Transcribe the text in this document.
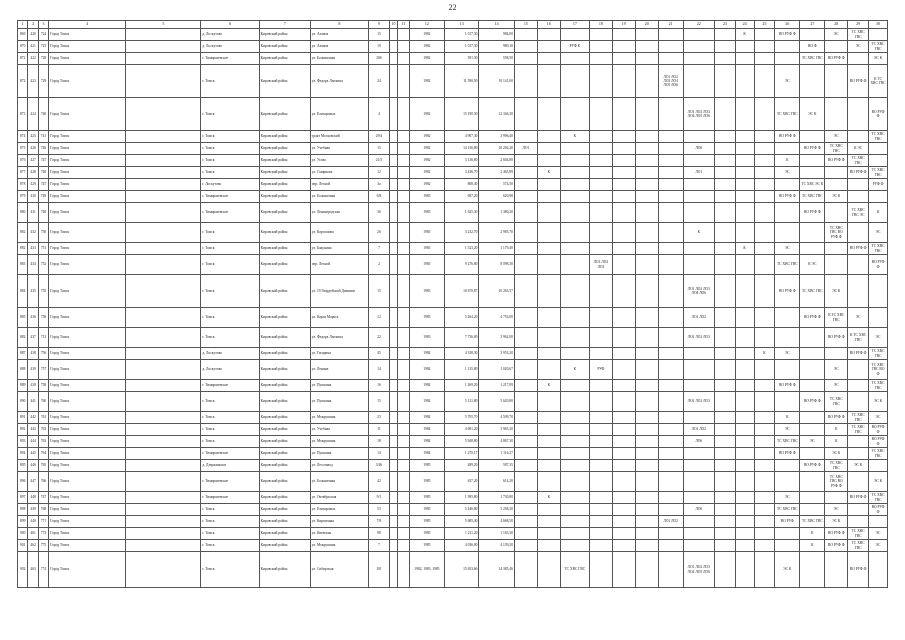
22
1	2	3	4	5	6	7	8	9	10	11	12	13	14	15	16	17	18	19	20	21	22	23	24	25	26	27	28	29	30
869	420	724	Город Томск		д. Лоскутово	Кировский район	ул. Алмаза	15			1982	1 017,30	984,00										К		ВО РУФ Ф		ЭС	ТС ХВС ГВС	
870	421	725	Город Томск		д. Лоскутово	Кировский район	ул. Алмаза	19			1982	1 017,30	980,10			РУФ К										ВО Ф		ЭС	ТС ХВС ГВС
872	422	728	Город Томск		г. Тимирязевское	Кировский район	ул. Больничная	206			1982	591,30	558,50													ТС ХВС ГВС	ВО РУФ Ф		ЭС К
872	423	729	Город Томск		г. Томск	Кировский район	ул. Федора Лыткина	24			1982	11 590,50	10 141,00							ЛО1 ЛО2 ЛО3 ЛО4 ЛО5 ЛО6					ЭС			ВО РУФ Ф	К ТС ХВС ГВС
873	424	740	Город Томск		г. Томск	Кировский район	ул. Елизаровых	4			1982	15 190,30	12 346,30								ЛО1 ЛО2 ЛО3 ЛО4 ЛО5 ЛО6				ТС ХВС ГВС	ЭС К			ВО РУФ Ф
874	425	741	Город Томск		г. Томск	Кировский район	тракт Московский	29/4			1982	4 907,30	3 996,40			К									ВО РУФ Ф		ЭС		ТС ХВС ГВС
875	426	746	Город Томск		г. Томск	Кировский район	ул. Учебная	15			1982	14 136,80	10 202,20	ЛО1							ЛО6					ВО РУФ Ф	ТС ХВС ГВС	К ЭС	
876	427	747	Город Томск		г. Томск	Кировский район	ул. Усова	21/5			1982	3 136,80	2 604,80												К		ВО РУФ Ф	ТС ХВС ГВС	
877	428	740	Город Томск		г. Томск	Кировский район	ул. Смирнова	12			1982	3 436,70	2 465,89		К						ЛО1				ЭС			ВО РУФ Ф	ТС ХВС ГВС
878	429	747	Город Томск		г. Лоскутово	Кировский район	пер. Лесной	3а			1982	808,40	574,50													ТС ХВС ЭС К			РУФ Ф
879	430	749	Город Томск		г. Тимирязевское	Кировский район	ул. Больничная	6/8			1983	697,20	620,98												ВО РУФ Ф	ТС ХВС ГВС	ЭС К		
880	431	740	Город Томск		г. Тимирязевское	Кировский район	ул. Ленинградская	36			1983	1 625,30	1 380,20													ВО РУФ Ф		ТС ХВС ГВС ЭС	К
882	432	750	Город Томск		г. Томск	Кировский район	ул. Карташова	26			1983	3 232,70	2 985,70								К						ТС ХВС ГВС ВО РУФ Ф		ЭС
882	433	751	Город Томск		г. Томск	Кировский район	ул. Бакунина	7			1983	1 523,20	1 179,40										К		ЭС			ВО РУФ Ф	ТС ХВС ГВС
883	434	752	Город Томск		г. Томск	Кировский район	пер. Лесной	2			1983	9 276,80	8 098,30				ЛО1 ЛО2 ЛО3								ТС ХВС ГВС	К ЭС			ВО РУФ Ф
884	435	755	Город Томск		г. Томск	Кировский район	ул. 19 Гвардейской Дивизии	15			1983	10 670,87	10 263,57								ЛО1 ЛО2 ЛО3 ЛО4 ЛО6				ВО РУФ Ф	ТС ХВС ГВС	ЭС К		
885	436	756	Город Томск		г. Томск	Кировский район	ул. Карла Маркса	12			1983	5 264,20	4 753,00								ЛО1 ЛО2					ВО РУФ Ф	К ТС ХВС ГВС	ЭС	
882	437	713	Город Томск		г. Томск	Кировский район	ул. Федора Лыткина	22			1983	7 736,00	3 962,00								ЛО1 ЛО2 ЛО3						ВО РУФ Ф	К ТС ХВС ГВС	ЭС
887	438	756	Город Томск		д. Лоскутово	Кировский район	ул. Гагарина	45			1984	4 338,30	3 953,20											К	ЭС			ВО РУФ Ф	ТС ХВС ГВС
888	439	757	Город Томск		д. Лоскутово	Кировский район	ул. Ленина	14			1984	1 135,80	1 020,67			К	РУФ										ЭС		ТС ХВС ГВС ВО Ф
889	430	758	Город Томск		г. Тимирязевское	Кировский район	ул. Пушкина	16			1984	1 269,20	1 217,09		К										ВО РУФ Ф		ЭС		ТС ХВС ГВС
890	441	760	Город Томск		г. Томск	Кировский район	ул. Пушкина	15			1984	5 121,80	5 620,80								ЛО1 ЛО2 ЛО3					ВО РУФ Ф	ТС ХВС ГВС		ЭС К
891	442	761	Город Томск		г. Томск	Кировский район	ул. Мокрушина	23			1984	5 705,70	4 509,70												К		ВО РУФ Ф	ТС ХВС ГВС	ЭС
892	443	763	Город Томск		г. Томск	Кировский район	ул. Учебная	11			1984	4 691,20	3 965,20								ЛО1 ЛО2				ЭС		К	ТС ХВС ГВС	ВО РУФ Ф
893	444	763	Город Томск		г. Томск	Кировский район	ул. Мокрушина	18			1984	5 948,80	4 867,30								ЛО6				ТС ХВС ГВС	ЭС	К		ВО РУФ Ф
894	445	764	Город Томск		г. Тимирязевское	Кировский район	ул. Пушкина	14			1984	1 270,17	1 116,27												ВО РУФ Ф		ЭС К		ТС ХВС ГВС
895	446	765	Город Томск		д. Дзержинское	Кировский район	ул. Лесозавод	3/46			1985	489,20	587,35													ВО РУФ Ф	ТС ХВС ГВС	ЭС К	
896	447	766	Город Томск		г. Тимирязевское	Кировский район	ул. Больничная	42			1985	637,20	614,20														ТС ХВС ГВС ВО РУФ Ф		ЭС К
897	448	747	Город Томск		г. Тимирязевское	Кировский район	ул. Октябрьская	9/1			1985	1 995,80	1 730,80		К										ЭС			ВО РУФ Ф	ТС ХВС ГВС
898	449	768	Город Томск		г. Томск	Кировский район	ул. Елизаровых	53			1985	5 446,80	5 258,20								ЛО6				ТС ХВС ГВС		ЭС		ВО РУФ Ф
899	440	771	Город Томск		г. Томск	Кировский район	ул. Кирпичная	7/8			1985	5 685,40	4 668,50							ЛО1 ЛО2					ВО РУФ	ТС ХВС ГВС	ЭС К		
900	461	773	Город Томск		г. Томск	Кировский район	ул. Киевская	98			1985	1 211,20	1 163,30													К	ВО РУФ Ф	ТС ХВС ГВС	ЭС
901	462	775	Город Томск		г. Томск	Кировский район	ул. Мокрушина	7			1985	4 036,00	4 139,20													К	ВО РУФ Ф	ТС ХВС ГВС	ЭС
902	463	774	Город Томск		г. Томск	Кировский район	ул. Сибирская	101			1982, 1983, 1985	15 653,66	14 385,46			ТС ХВС ГВС					ЛО1 ЛО2 ЛО3 ЛО4 ЛО5 ЛО6				ЭС К			ВО РУФ Ф	
